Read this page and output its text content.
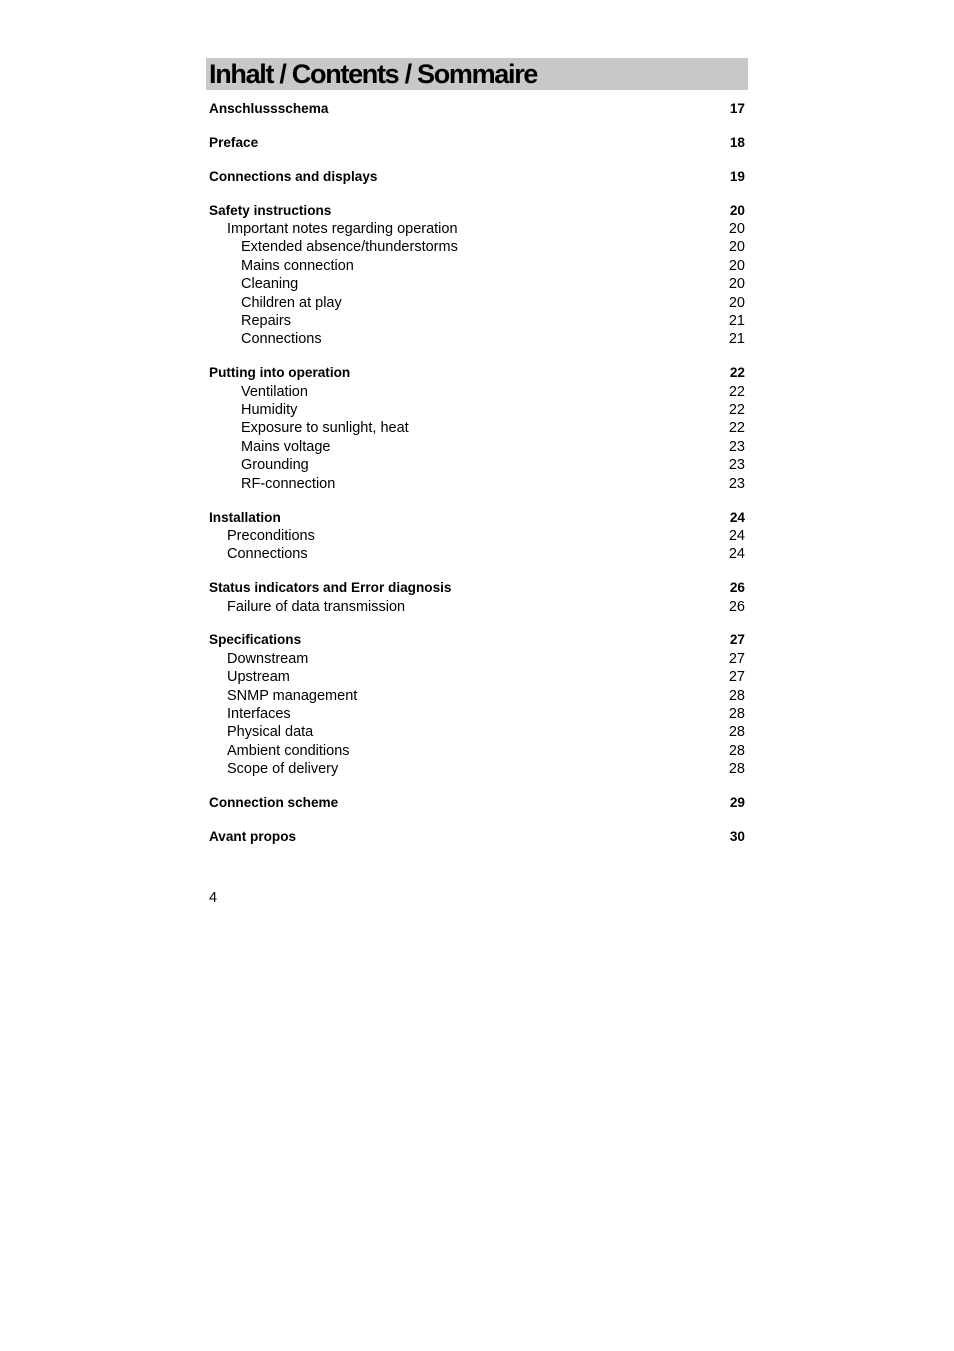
Inhalt / Contents / Sommaire
Anschlussschema	17
Preface	18
Connections and displays	19
Safety instructions	20
Important notes regarding operation	20
Extended absence/thunderstorms	20
Mains connection	20
Cleaning	20
Children at play	20
Repairs	21
Connections	21
Putting into operation	22
Ventilation	22
Humidity	22
Exposure to sunlight, heat	22
Mains voltage	23
Grounding	23
RF-connection	23
Installation	24
Preconditions	24
Connections	24
Status indicators and Error diagnosis	26
Failure of data transmission	26
Specifications	27
Downstream	27
Upstream	27
SNMP management	28
Interfaces	28
Physical data	28
Ambient conditions	28
Scope of delivery	28
Connection scheme	29
Avant propos	30
4
